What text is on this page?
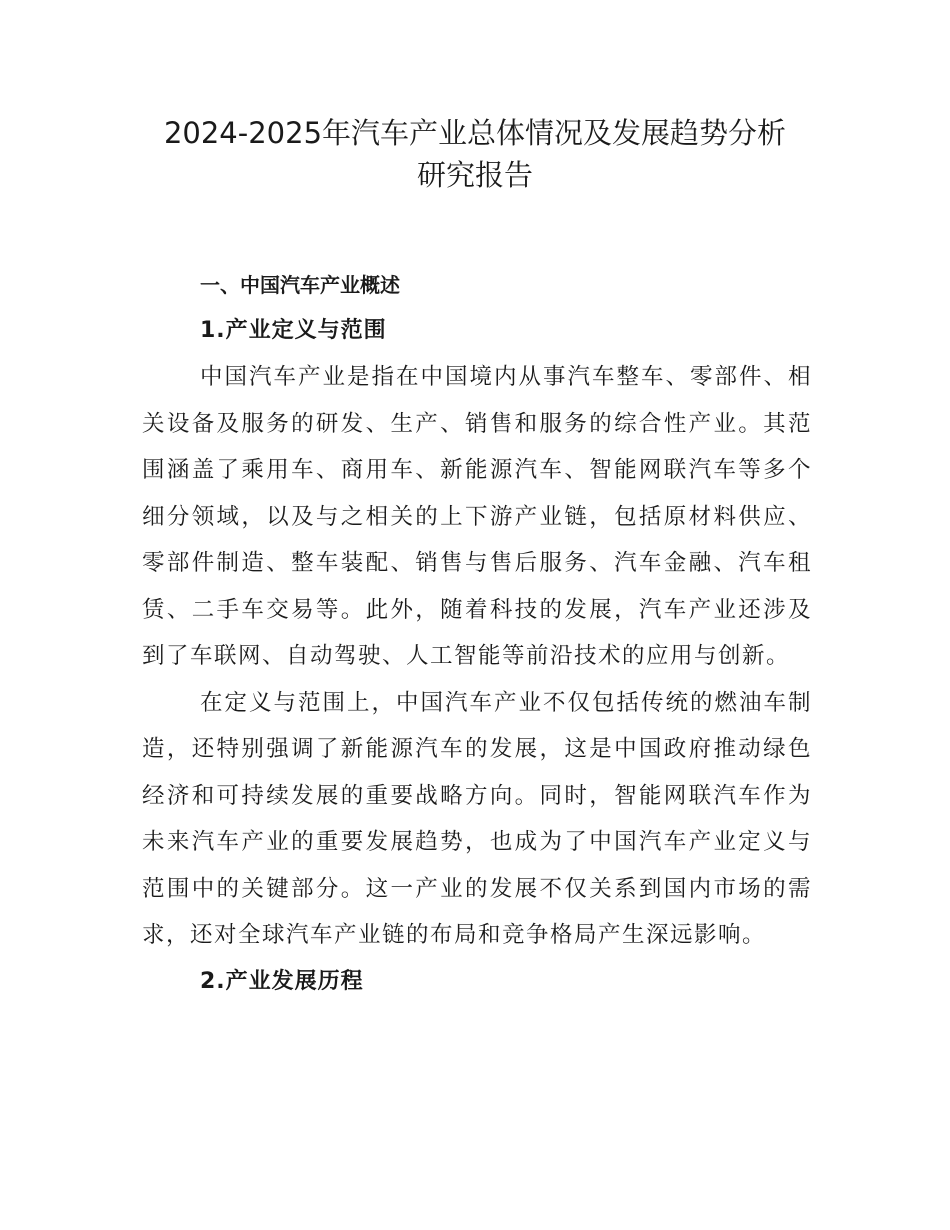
2024-2025年汽车产业总体情况及发展趋势分析
研究报告
一、中国汽车产业概述
1.产业定义与范围

中国汽车产业是指在中国境内从事汽车整车、零部件、相关设备及服务的研发、生产、销售和服务的综合性产业。其范围涵盖了乘用车、商用车、新能源汽车、智能网联汽车等多个细分领域，以及与之相关的上下游产业链，包括原材料供应、零部件制造、整车装配、销售与售后服务、汽车金融、汽车租赁、二手车交易等。此外，随着科技的发展，汽车产业还涉及到了车联网、自动驾驶、人工智能等前沿技术的应用与创新。

在定义与范围上，中国汽车产业不仅包括传统的燃油车制造，还特别强调了新能源汽车的发展，这是中国政府推动绿色经济和可持续发展的重要战略方向。同时，智能网联汽车作为未来汽车产业的重要发展趋势，也成为了中国汽车产业定义与范围中的关键部分。这一产业的发展不仅关系到国内市场的需求，还对全球汽车产业链的布局和竞争格局产生深远影响。

2.产业发展历程
